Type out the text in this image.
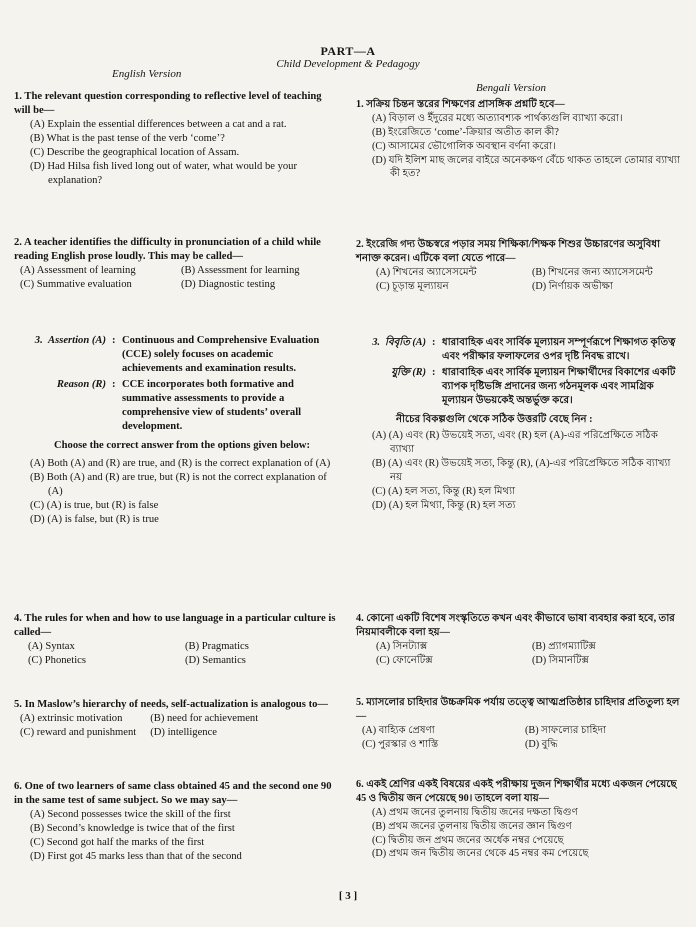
PART—A
Child Development & Pedagogy
English Version
Bengali Version
1. The relevant question corresponding to reflective level of teaching will be—
(A) Explain the essential differences between a cat and a rat.
(B) What is the past tense of the verb ‘come’?
(C) Describe the geographical location of Assam.
(D) Had Hilsa fish lived long out of water, what would be your explanation?
2. A teacher identifies the difficulty in pronunciation of a child while reading English prose loudly. This may be called—
(A) Assessment of learning	(B) Assessment for learning
(C) Summative evaluation	(D) Diagnostic testing
3. Assertion (A) : Continuous and Comprehensive Evaluation (CCE) solely focuses on academic achievements and examination results.
Reason (R) : CCE incorporates both formative and summative assessments to provide a comprehensive view of students’ overall development.
Choose the correct answer from the options given below:
(A) Both (A) and (R) are true, and (R) is the correct explanation of (A)
(B) Both (A) and (R) are true, but (R) is not the correct explanation of (A)
(C) (A) is true, but (R) is false
(D) (A) is false, but (R) is true
4. The rules for when and how to use language in a particular culture is called—
(A) Syntax	(B) Pragmatics
(C) Phonetics	(D) Semantics
5. In Maslow’s hierarchy of needs, self-actualization is analogous to—
(A) extrinsic motivation	(B) need for achievement
(C) reward and punishment (D) intelligence
6. One of two learners of same class obtained 45 and the second one 90 in the same test of same subject. So we may say—
(A) Second possesses twice the skill of the first
(B) Second’s knowledge is twice that of the first
(C) Second got half the marks of the first
(D) First got 45 marks less than that of the second
1. সক্রিয় চিন্তন স্তরের শিক্ষণের প্রাসঙ্গিক প্রশ্নটি হবে—
(A) বিড়াল ও ইঁদুরের মধ্যে অত্যাবশ্যক পার্থক্যগুলি ব্যাখ্যা করো।
(B) ইংরেজিতে ‘come’-ক্রিয়ার অতীত কাল কী?
(C) আসামের ভৌগোলিক অবস্থান বর্ণনা করো।
(D) যদি ইলিশ মাছ জলের বাইরে অনেকক্ষণ বেঁচে থাকত তাহলে তোমার ব্যাখ্যা কী হত?
2. ইংরেজি গদ্য উচ্চস্বরে পড়ার সময় শিক্ষিকা/শিক্ষক শিশুর উচ্চারণের অসুবিধা শনাক্ত করেন। এটিকে বলা যেতে পারে—
(A) শিখনের অ্যাসেসমেন্ট	(B) শিখনের জন্য অ্যাসেসমেন্ট
(C) চূড়ান্ত মূল্যায়ন	(D) নির্ণায়ক অভীক্ষা
3. বিবৃতি (A) : ধারাবাহিক এবং সার্বিক মূল্যায়ন সম্পূর্ণরূপে শিক্ষাগত কৃতিত্ব এবং পরীক্ষার ফলাফলের ওপর দৃষ্টি নিবদ্ধ রাখে।
যুক্তি (R) : ধারাবাহিক এবং সার্বিক মূল্যায়ন শিক্ষার্থীদের বিকাশের একটি ব্যাপক দৃষ্টিভঙ্গি প্রদানের জন্য গঠনমূলক এবং সামগ্রিক মূল্যায়ন উভয়কেই অন্তর্ভুক্ত করে।
নীচের বিকল্পগুলি থেকে সঠিক উত্তরটি বেছে নিন :
(A) (A) এবং (R) উভয়েই সত্য, এবং (R) হল (A)-এর পরিপ্রেক্ষিতে সঠিক ব্যাখ্যা
(B) (A) এবং (R) উভয়েই সত্য, কিন্তু (R), (A)-এর পরিপ্রেক্ষিতে সঠিক ব্যাখ্যা নয়
(C) (A) হল সত্য, কিন্তু (R) হল মিথ্যা
(D) (A) হল মিথ্যা, কিন্তু (R) হল সত্য
4. কোনো একটি বিশেষ সংস্কৃতিতে কখন এবং কীভাবে ভাষা ব্যবহার করা হবে, তার নিয়মাবলীকে বলা হয়—
(A) সিনট্যাক্স	(B) প্র্যাগম্যাটিক্স
(C) ফোনেটিক্স	(D) সিমানটিক্স
5. ম্যাসলোর চাহিদার উচ্চক্রমিক পর্যায় তত্ত্বে আত্মপ্রতিষ্ঠার চাহিদার প্রতিতুল্য হল—
(A) বাহ্যিক প্রেষণা	(B) সাফল্যের চাহিদা
(C) পুরস্কার ও শাস্তি	(D) বুদ্ধি
6. একই শ্রেণির একই বিষয়ের একই পরীক্ষায় দুজন শিক্ষার্থীর মধ্যে একজন পেয়েছে 45 ও দ্বিতীয় জন পেয়েছে 90। তাহলে বলা যায়—
(A) প্রথম জনের তুলনায় দ্বিতীয় জনের দক্ষতা দ্বিগুণ
(B) প্রথম জনের তুলনায় দ্বিতীয় জনের জ্ঞান দ্বিগুণ
(C) দ্বিতীয় জন প্রথম জনের অর্ধেক নম্বর পেয়েছে
(D) প্রথম জন দ্বিতীয় জনের থেকে 45 নম্বর কম পেয়েছে
[ 3 ]
